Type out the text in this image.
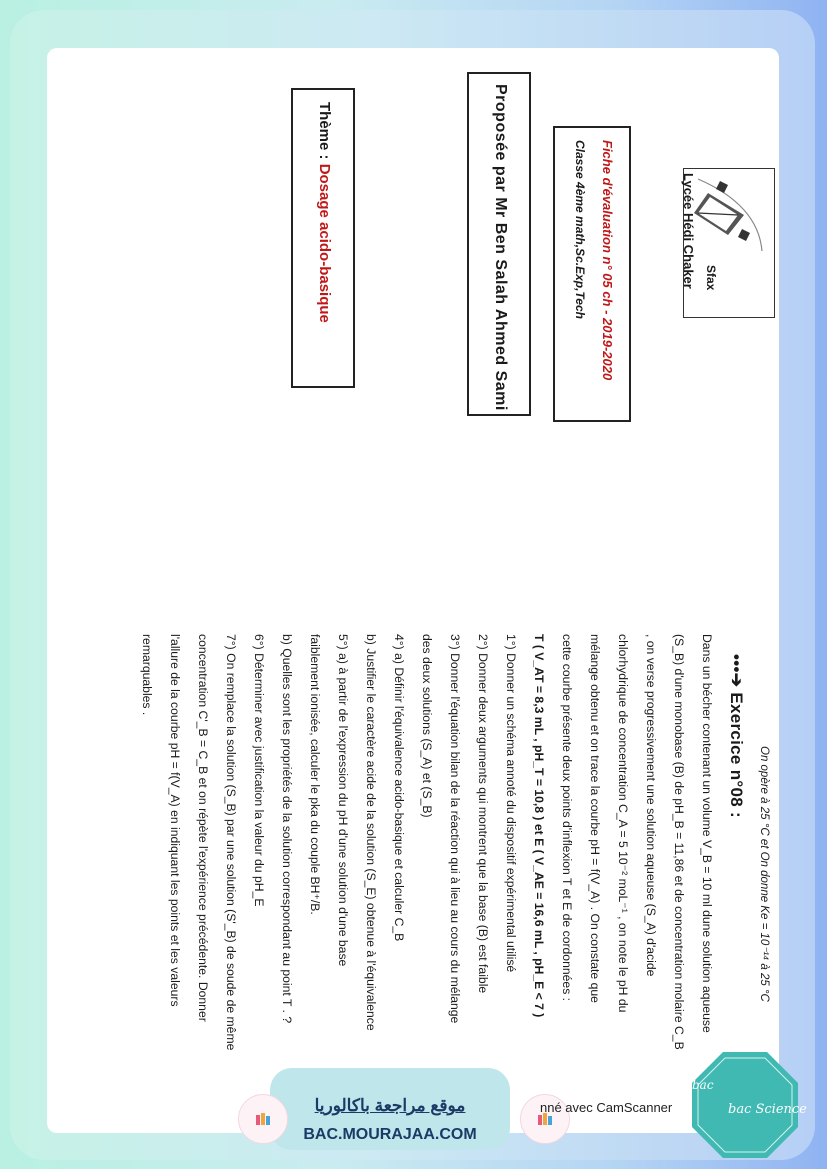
Sfax
Lycée Hédi Chaker
Fiche d'évaluation n° 05 ch - 2019-2020
Classe 4ème math,Sc.Exp,Tech
Proposée par Mr Ben Salah Ahmed Sami
Thème : Dosage acido-basique
On opère à 25 °C et On donne Ke = 10⁻¹⁴ à 25 °C
•••➔ Exercice n°08 :
Dans un bécher contenant un volume V_B = 10 ml dune solution aqueuse
(S_B) d'une monobase (B) de pH_B = 11,86 et de concentration molaire C_B
, on verse progressivement une solution aqueuse (S_A) d'acide
chlorhydrique de concentration C_A = 5 10⁻² moL⁻¹ , on note le pH du
mélange obtenu et on trace la courbe pH = f(V_A) . On constate que
cette courbe présente deux points d'inflexion T et E de cordonnées :
T ( V_AT = 8,3 mL , pH_T = 10,8 ) et E ( V_AE = 16,6 mL , pH_E < 7 )
1°) Donner un schéma annoté du dispositif expérimental utilisé
2°) Donner deux arguments qui montrent que la base (B) est faible
3°) Donner l'équation bilan de la réaction qui à lieu au cours du mélange
des deux solutions (S_A) et (S_B)
4°) a) Définir l'équivalence acido-basique et calculer C_B
b) Justifier le caractère acide de la solution (S_E) obtenue à l'équivalence
5°) a) à partir de l'expression du pH d'une solution d'une base
faiblement ionisée, calculer le pka du couple BH⁺/B.
b) Quelles sont les propriétés de la solution correspondant au point T . ?
6°) Déterminer avec justification la valeur du pH_E
7°) On remplace la solution (S_B) par une solution (S'_B) de soude de même
concentration C'_B = C_B et on répète l'expérience précédente. Donner
l'allure de la courbe pH = f(V_A) en indiquant les points et les valeurs
remarquables .
موقع مراجعة باكالوريا
BAC.MOURAJAA.COM
nné avec CamScanner
bac
bac Science
